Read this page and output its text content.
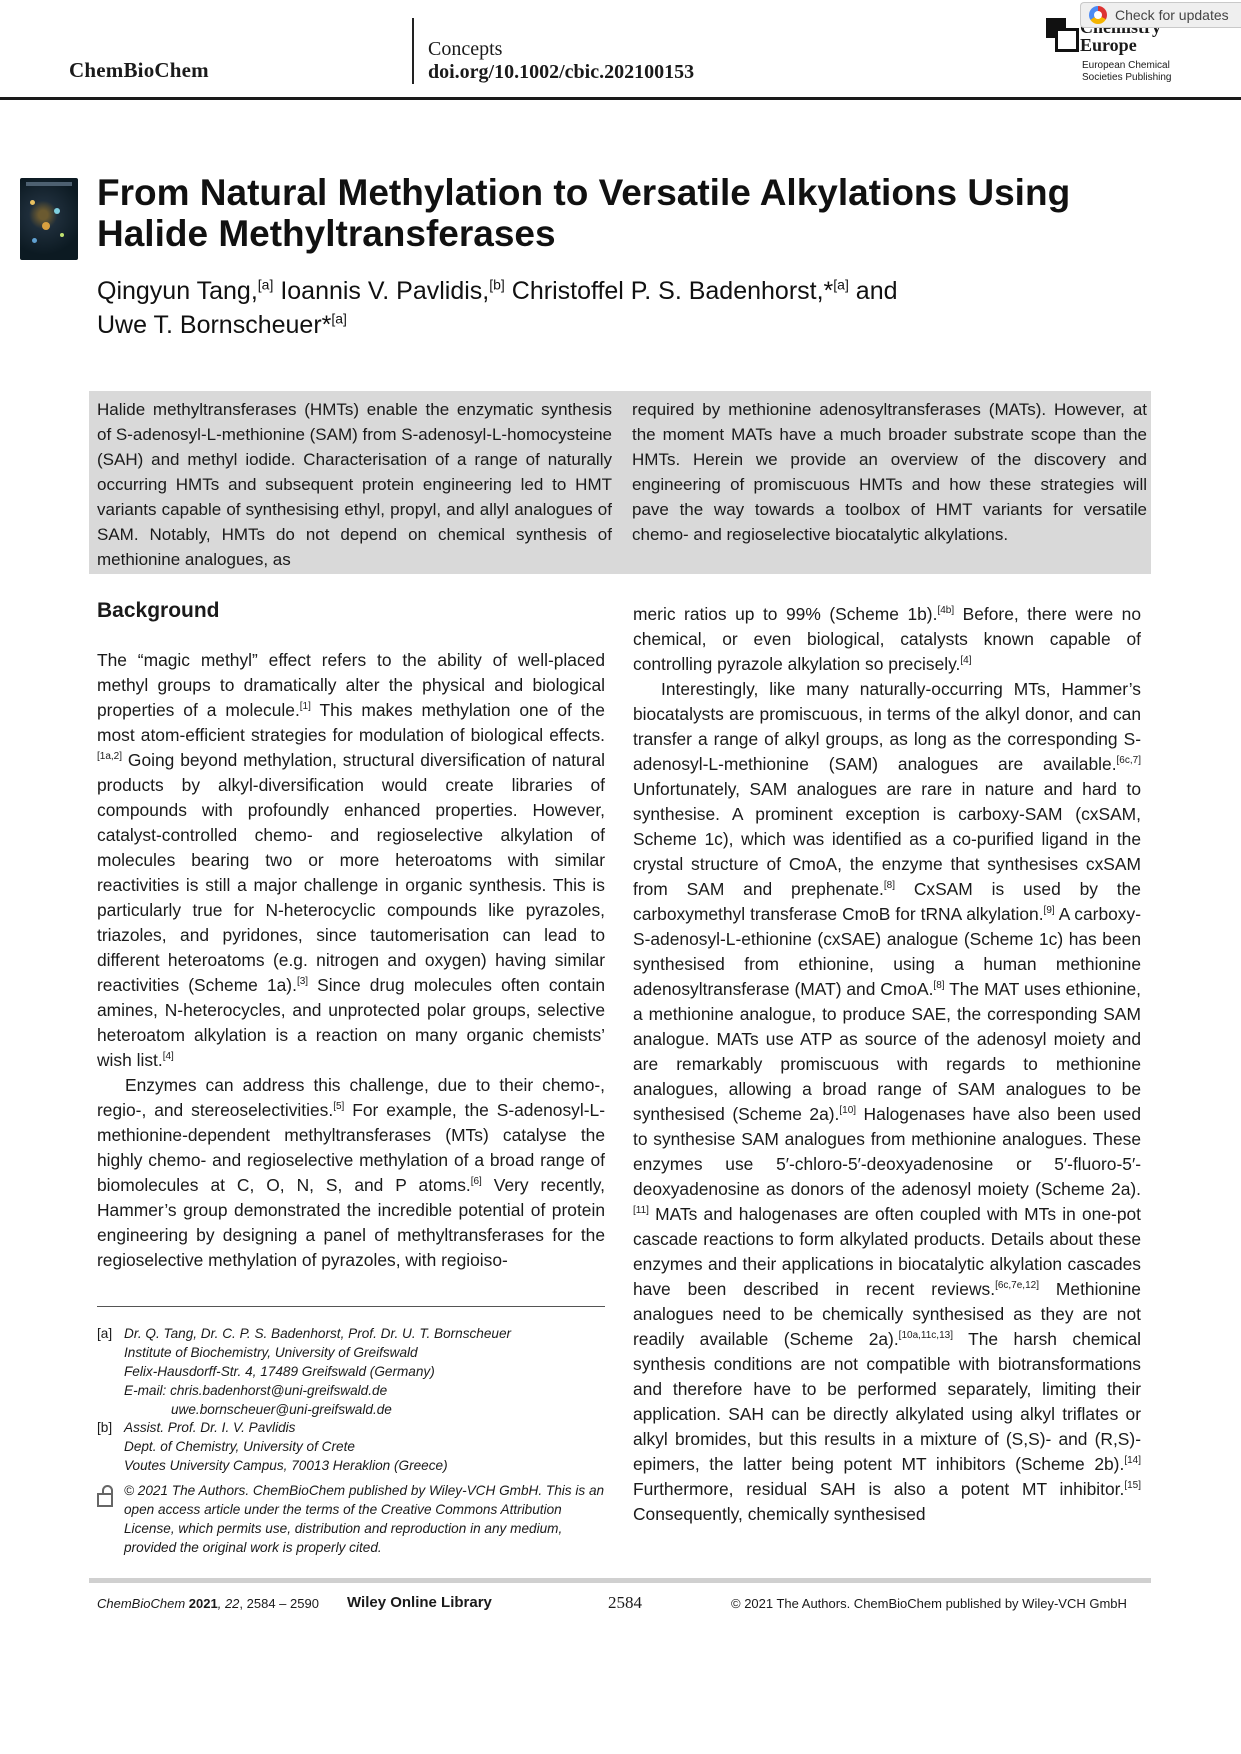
ChemBioChem
Concepts
doi.org/10.1002/cbic.202100153
Europe
European Chemical Societies Publishing
Check for updates
From Natural Methylation to Versatile Alkylations Using Halide Methyltransferases
Qingyun Tang,[a] Ioannis V. Pavlidis,[b] Christoffel P. S. Badenhorst,*[a] and
Uwe T. Bornscheuer*[a]
Halide methyltransferases (HMTs) enable the enzymatic synthesis of S-adenosyl-L-methionine (SAM) from S-adenosyl-L-homocysteine (SAH) and methyl iodide. Characterisation of a range of naturally occurring HMTs and subsequent protein engineering led to HMT variants capable of synthesising ethyl, propyl, and allyl analogues of SAM. Notably, HMTs do not depend on chemical synthesis of methionine analogues, as
required by methionine adenosyltransferases (MATs). However, at the moment MATs have a much broader substrate scope than the HMTs. Herein we provide an overview of the discovery and engineering of promiscuous HMTs and how these strategies will pave the way towards a toolbox of HMT variants for versatile chemo- and regioselective biocatalytic alkylations.
Background

The “magic methyl” effect refers to the ability of well-placed methyl groups to dramatically alter the physical and biological properties of a molecule.[1] This makes methylation one of the most atom-efficient strategies for modulation of biological effects.[1a,2] Going beyond methylation, structural diversification of natural products by alkyl-diversification would create libraries of compounds with profoundly enhanced properties. However, catalyst-controlled chemo- and regioselective alkylation of molecules bearing two or more heteroatoms with similar reactivities is still a major challenge in organic synthesis. This is particularly true for N-heterocyclic compounds like pyrazoles, triazoles, and pyridones, since tautomerisation can lead to different heteroatoms (e.g. nitrogen and oxygen) having similar reactivities (Scheme 1a).[3] Since drug molecules often contain amines, N-heterocycles, and unprotected polar groups, selective heteroatom alkylation is a reaction on many organic chemists’ wish list.[4]

Enzymes can address this challenge, due to their chemo-, regio-, and stereoselectivities.[5] For example, the S-adenosyl-L-methionine-dependent methyltransferases (MTs) catalyse the highly chemo- and regioselective methylation of a broad range of biomolecules at C, O, N, S, and P atoms.[6] Very recently, Hammer’s group demonstrated the incredible potential of protein engineering by designing a panel of methyltransferases for the regioselective methylation of pyrazoles, with regioiso-

meric ratios up to 99% (Scheme 1b).[4b] Before, there were no chemical, or even biological, catalysts known capable of controlling pyrazole alkylation so precisely.[4]

Interestingly, like many naturally-occurring MTs, Hammer’s biocatalysts are promiscuous, in terms of the alkyl donor, and can transfer a range of alkyl groups, as long as the corresponding S-adenosyl-L-methionine (SAM) analogues are available.[6c,7] Unfortunately, SAM analogues are rare in nature and hard to synthesise. A prominent exception is carboxy-SAM (cxSAM, Scheme 1c), which was identified as a co-purified ligand in the crystal structure of CmoA, the enzyme that synthesises cxSAM from SAM and prephenate.[8] CxSAM is used by the carboxymethyl transferase CmoB for tRNA alkylation.[9] A carboxy-S-adenosyl-L-ethionine (cxSAE) analogue (Scheme 1c) has been synthesised from ethionine, using a human methionine adenosyltransferase (MAT) and CmoA.[8] The MAT uses ethionine, a methionine analogue, to produce SAE, the corresponding SAM analogue. MATs use ATP as source of the adenosyl moiety and are remarkably promiscuous with regards to methionine analogues, allowing a broad range of SAM analogues to be synthesised (Scheme 2a).[10] Halogenases have also been used to synthesise SAM analogues from methionine analogues. These enzymes use 5′-chloro-5′-deoxyadenosine or 5′-fluoro-5′-deoxyadenosine as donors of the adenosyl moiety (Scheme 2a).[11] MATs and halogenases are often coupled with MTs in one-pot cascade reactions to form alkylated products. Details about these enzymes and their applications in biocatalytic alkylation cascades have been described in recent reviews.[6c,7e,12] Methionine analogues need to be chemically synthesised as they are not readily available (Scheme 2a).[10a,11c,13] The harsh chemical synthesis conditions are not compatible with biotransformations and therefore have to be performed separately, limiting their application. SAH can be directly alkylated using alkyl triflates or alkyl bromides, but this results in a mixture of (S,S)- and (R,S)-epimers, the latter being potent MT inhibitors (Scheme 2b).[14] Furthermore, residual SAH is also a potent MT inhibitor.[15] Consequently, chemically synthesised

[a] Dr. Q. Tang, Dr. C. P. S. Badenhorst, Prof. Dr. U. T. Bornscheuer
Institute of Biochemistry, University of Greifswald
Felix-Hausdorff-Str. 4, 17489 Greifswald (Germany)
E-mail: chris.badenhorst@uni-greifswald.de
uwe.bornscheuer@uni-greifswald.de
[b] Assist. Prof. Dr. I. V. Pavlidis
Dept. of Chemistry, University of Crete
Voutes University Campus, 70013 Heraklion (Greece)
© 2021 The Authors. ChemBioChem published by Wiley-VCH GmbH. This is an open access article under the terms of the Creative Commons Attribution License, which permits use, distribution and reproduction in any medium, provided the original work is properly cited.
ChemBioChem 2021, 22, 2584 – 2590 Wiley Online Library	2584	© 2021 The Authors. ChemBioChem published by Wiley-VCH GmbH
